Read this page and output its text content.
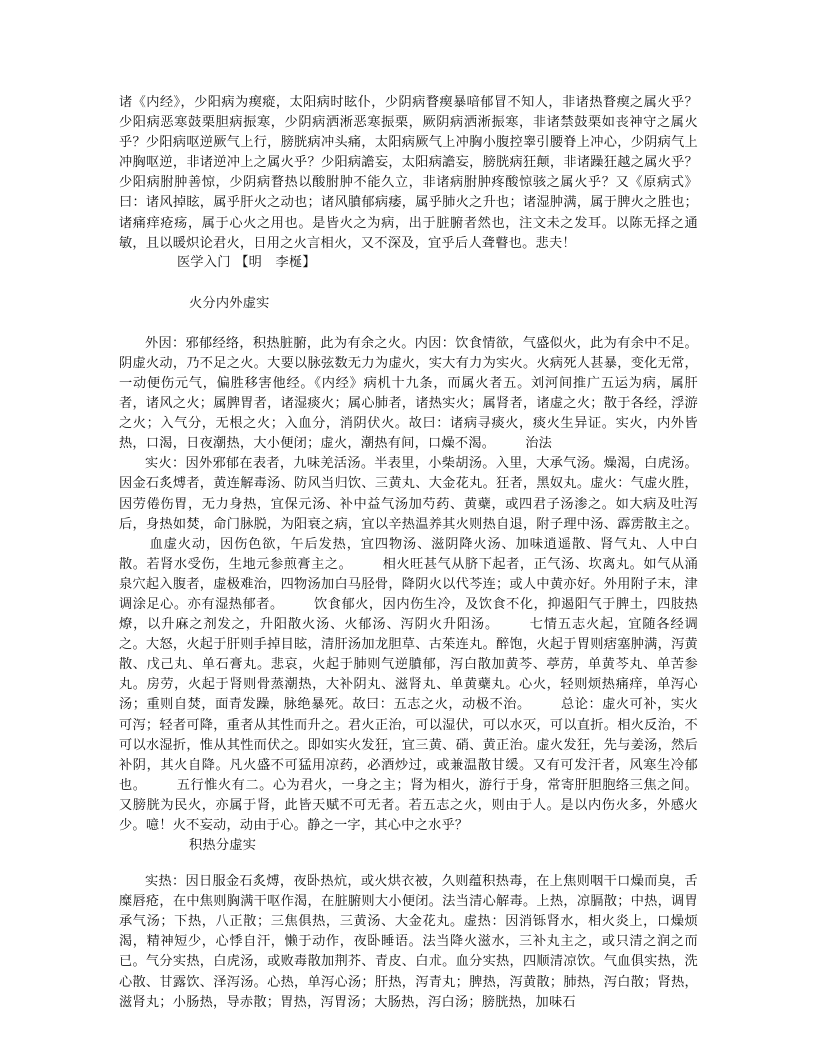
诸《内经》，少阳病为瘈瘲，太阳病时眩仆，少阴病瞀瘈暴喑郁冒不知人，非诸热瞀瘈之属火乎？少阳病恶寒鼓栗胆病振寒，少阴病洒淅恶寒振栗，厥阴病洒淅振寒，非诸禁鼓栗如丧神守之属火乎？少阳病呕逆厥气上行，膀胱病冲头痛，太阳病厥气上冲胸小腹控睾引腰脊上冲心，少阴病气上冲胸呕逆，非诸逆冲上之属火乎？少阳病譫妄，太阳病譫妄，膀胱病狂颠，非诸躁狂越之属火乎？少阳病胕肿善惊，少阴病瞀热以酸胕肿不能久立，非诸病胕肿疼酸惊骇之属火乎？又《原病式》曰：诸风掉眩，属乎肝火之动也；诸风膹郁病痿，属乎肺火之升也；诸湿肿满，属于脾火之胜也；诸痛痒疮疡，属于心火之用也。是皆火之为病，出于脏腑者然也，注文未之发耳。以陈无择之通敏，且以暖炽论君火，日用之火言相火，又不深及，宜乎后人聋瞽也。悲夫！

医学入门 【明　李梴】

火分内外虚实

外因：邪郁经络，积热脏腑，此为有余之火。内因：饮食情欲，气盛似火，此为有余中不足。阴虚火动，乃不足之火。大要以脉弦数无力为虚火，实大有力为实火。火病死人甚暴，变化无常，一动便伤元气，偏胜移害他经。《内经》病机十九条，而属火者五。刘河间推广五运为病，属肝者，诸风之火；属脾胃者，诸湿痰火；属心肺者，诸热实火；属肾者，诸虚之火；散于各经，浮游之火；入气分，无根之火；入血分，消阴伏火。故曰：诸病寻痰火，痰火生异证。实火，内外皆热，口渴，日夜潮热，大小便闭；虚火，潮热有间，口燥不渴。 治法

实火：因外邪郁在表者，九味羌活汤。半表里，小柴胡汤。入里，大承气汤。燥渴，白虎汤。因金石炙煿者，黄连解毒汤、防风当归饮、三黄丸、大金花丸。狂者，黑奴丸。虚火：气虚火胜，因劳倦伤胃，无力身热，宜保元汤、补中益气汤加芍药、黄蘗，或四君子汤渗之。如大病及吐泻后，身热如焚，命门脉脱，为阳衰之病，宜以辛热温养其火则热自退，附子理中汤、霹雳散主之。血虚火动，因伤色欲，午后发热，宜四物汤、滋阴降火汤、加味逍遥散、肾气丸、人中白散。若肾水受伤，生地元参煎膏主之。 相火旺甚气从脐下起者，正气汤、坎离丸。如气从涌泉穴起入腹者，虚极难治，四物汤加白马胫骨，降阴火以代芩连；或人中黄亦好。外用附子末，津调涂足心。亦有湿热郁者。 饮食郁火，因内伤生冷，及饮食不化，抑遏阳气于脾土，四肢热燎，以升麻之剂发之，升阳散火汤、火郁汤、泻阴火升阳汤。 七情五志火起，宜随各经调之。大怒，火起于肝则手掉目眩，清肝汤加龙胆草、古茱连丸。醉饱，火起于胃则痞塞肿满，泻黄散、戊己丸、单石膏丸。悲哀，火起于肺则气逆膹郁，泻白散加黄芩、葶苈，单黄芩丸、单苦参丸。房劳，火起于肾则骨蒸潮热，大补阴丸、滋肾丸、单黄蘗丸。心火，轻则烦热痛痒，单泻心汤；重则自焚，面青发躁，脉绝暴死。故曰：五志之火，动极不治。 总论：虚火可补，实火可泻；轻者可降，重者从其性而升之。君火正治，可以湿伏，可以水灭，可以直折。相火反治，不可以水湿折，惟从其性而伏之。即如实火发狂，宜三黄、硝、黄正治。虚火发狂，先与姜汤，然后补阴，其火自降。凡火盛不可猛用凉药，必酒炒过，或兼温散甘缓。又有可发汗者，风寒生冷郁也。 五行惟火有二。心为君火，一身之主；肾为相火，游行于身，常寄肝胆胞络三焦之间。又膀胱为民火，亦属于肾，此皆天赋不可无者。若五志之火，则由于人。是以内伤火多，外感火少。噫！火不妄动，动由于心。静之一字，其心中之水乎？

积热分虚实

实热：因日服金石炙煿，夜卧热炕，或火烘衣被，久则蕴积热毒，在上焦则咽干口燥而臭，舌糜唇疮，在中焦则胸满干呕作渴，在脏腑则大小便闭。法当清心解毒。上热，凉膈散；中热，调胃承气汤；下热，八正散；三焦俱热，三黄汤、大金花丸。虚热：因消铄肾水，相火炎上，口燥烦渴，精神短少，心悸自汗，懒于动作，夜卧睡语。法当降火滋水，三补丸主之，或只清之润之而已。气分实热，白虎汤，或败毒散加荆芥、青皮、白朮。血分实热，四顺清凉饮。气血俱实热，洗心散、甘露饮、泽泻汤。心热，单泻心汤；肝热，泻青丸；脾热，泻黄散；肺热，泻白散；肾热，滋肾丸；小肠热，导赤散；胃热，泻胃汤；大肠热，泻白汤；膀胱热，加味石
